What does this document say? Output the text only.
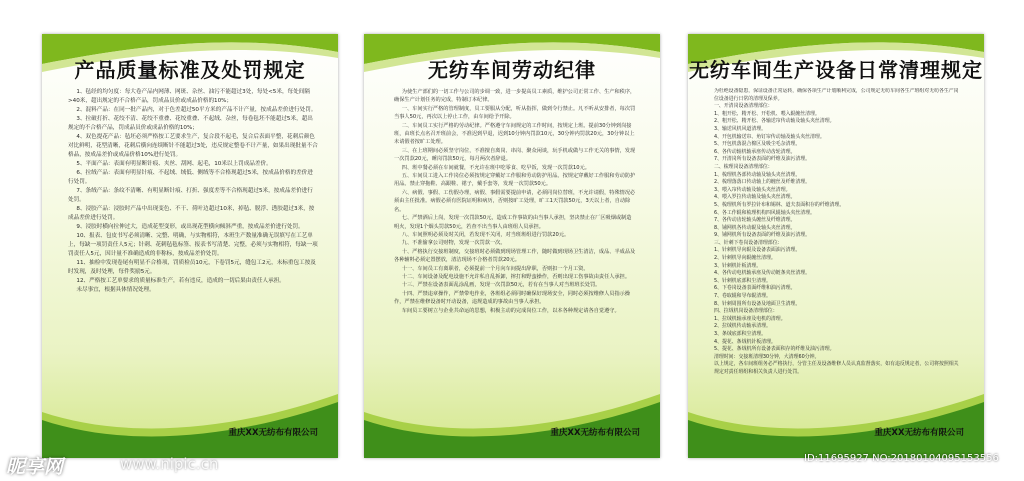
产品质量标准及处罚规定

1、毡经的均匀度：每大卷产品内网薄、网斑、杂丝、油污不能超过3处，每处<5米，每处间隔>40米，超出规定的不合格产品，罚成品员价或成品价格的10%；

2、混料产品：在同一批产品内，对于色差超过50平方米的产品不计产量，按成品差价进行处罚。

3、拉破打折、花绞不清、花绞不重叠、花绞重叠、不起绒、杂丝，每卷毡坯不能超过5米，超出规定的不合格产品，罚成品员价或成品价格的10%；

4、双色提花产品：毡坯必须严格按工艺要求生产，复合段不起毛，复合后表面平整，花刺后颜色对比鲜明，花型清晰，花刺后横向连续断针不能超过3处，违反规定整卷不计产量，如果出现批量不合格品，按成品差价或成品价格10%进行处罚。

5、平面产品：表面有明显断针痕、夹丝、刮网、起毛，10米以上罚成品差价。

6、拉绒产品：表面有明显针痕、不起绒、绒低、侧绒等不合格现超过5米，按成品价格的差价进行处罚。

7、条绒产品：条纹不清晰、有明显断针痕、打折、强度差等不合格现超过5米，按成品差价进行处罚。

8、浸胶产品：浸胶时产品中出现变色、不干、荷叶边超过10米，掉毡、脱浮、透胶超过3米，按成品差价进行处罚。

9、浸胶时横向拉伸过大，造成花型变形，或出现花型横向倾斜严重，按成品差价进行处罚。

10、报表、包皮书写必须清晰、完整、明确，与实物相符，本班生产数量准确无误填写在工艺单上，每缺一项罚责任人5元；针刺、花刺毡毡标签、报表书写清楚、完整，必须与实物相符，每缺一项罚责任人5元，因计量不准确造成的非称标，按成品差价处罚。

11、抽检中发现卷尾有明显不合格项，罚质检员10元，下卷罚5元，缝包工2元，未标重包工按及时发现，及时处理，每件奖励5元。

12、严格按工艺单要求的质量标准生产，若有违反，造成的一切后果由责任人承担。

未尽事宜，根据具体情况处理。

重庆XX无纺布有限公司
无纺车间劳动纪律

为使生产部们的一切工作与公司的步调一致，进一步提高员工素质，维护公司正常工作、生产和秩序，确保生产计划任务的完成，特制订本纪律。

一、车间实行严格的管理制度，员工要服从分配，听从指挥，做到令行禁止。凡不听从安排者，每次罚当事人50元，再次以上停止工作，由车间给予开除。

二、车间员工实行严格的劳动纪律。严格遵守车间规定的工作时间，按规定上班。提前30分钟到岗接班，由班长点名召开班前会，不准迟到早退，迟到10分钟内罚款10元，30分钟内罚款20元，30分钟以上未请假者按旷工处理。

三、在上班期间必须坚守岗位，不准擅自离岗、串岗、聚众闲谈，玩手机或做与工作无关的事情，发现一次罚款20元，睡岗罚款50元，每月两次者辞退。

四、班中餐必须在车间就餐，不允许在班中吃零食、吃早饭，发现一次罚款10元。

五、车间员工进入工作岗位必须按规定穿戴好工作服和劳动防护用品。按规定穿戴好工作服和劳动防护用品。禁止穿拖鞋、高跟鞋、裙子，戴手套等，发现一次罚款50元。

六、病假、事假、工伤假办理，病假、事假需要提前申请，必须同岗位替班，不允许请假，特殊情况必须由主任批准。病假必须有医院证明和病历，否则按旷工处理，旷工1天罚款50元，3天以上者，自动除名。

七、严禁酒后上岗，发现一次罚款50元，造成工作事故的由当事人承担，坚决禁止在厂区吸烟或制造明火，发现1个烟头罚款50元，若查不出当事人由班组人员承担。

八、车间照明必须及时关闭，若发现不关闭，对当班班组进行罚款20元。

九、不准偷拿公司财物，发现一次罚款一次。

十、严格执行交接班制度，交接班时必须做到现场管理工作，随时做到现场卫生清洁，成品、半成品及各种辅料必须定置摆放，清洁现场不合格者罚款20元。

十一、车间员工有离职者，必须提前一个月向车间提出辞职，否则扣一个月工资。

十二、车间设备及配电设施不允许私自乱拆卸，摔打和野蛮操作，否则出现工伤事故由责任人承担。

十三、严禁在设备表面乱涂乱画，发现一次罚款50元，若有在当事人对当班班长处罚。

十四、严禁违章操作，严禁带电作业，各班组必须同时确保好现场安全，同时必须按维修人员指示操作，严禁在维修设备时开动设备，违规造成的事故由当事人承担。

车间员工要树立与企业共命运的思想，积极主动的完成岗位工作，以本各种规定请各自觉遵守。

重庆XX无纺布有限公司
无纺车间生产设备日常清理规定

为杜绝设备隐患，保证设备正常运转，确保各项生产计划顺利完成，公司规定无纺车间各生产班组对无纺各生产岗位设备进行日常的清理及保养。

一、开清岗设备清理部位：

1、粗开松、精开松、开松机、喂入辊缠丝清理。

2、粗开松、精开松、各输送帘传动轴及轴头夹丝清理。

3、输送风机风道清理。

4、开包机输送帘、角钉帘传动轴及轴头夹丝清理。

5、开包机落混合棉区及吸尘毛杂清理。

6、各传动轴机轴承座传动齿轮清理。

7、开清岗所有设备表面的纤维及油污清理。

二、梳理岗设备清理部位：

1、梳理机各部传动轴及轴头夹丝清理。

2、梳理落落口传动轴上的缠丝及纤维清理。

3、喂入帘传动轴及轴头夹丝清理。

4、喂入罗拉传动轴及轴头夹丝清理。

5、梳理机所有罗拉针布和锡林、道夫表面积存的纤维清理。

6、各工作辊和梳理机构四风辊轴头夹丝清理。

7、各传动齿轮轴头缠丝及纤维清理。

8、铺网机各传动辊及轴头夹丝清理。

9、铺网机所有设备表面的纤维及油污清理。

三、针刺下卷岗设备清理部位：

1、针刺机导向辊及设备表面油污清理。

2、针刺机导向辊缠丝清理。

3、针刺机针板清理。

4、各传动电机轴承座及传动链条夹丝清理。

5、针刺机底部积尘清理。

6、下卷岗设备表面纤维和油污清理。

7、卷取辊和导布辊清理。

8、针刺周围所有设备及地面卫生清理。

四、拉绒机岗设备清理部位：

1、拉绒机轴承座及电机的清理。

2、拉绒机传动轴承清理。

3、条绒底部积尘清理。

4、提花、条绒机针板清理。

5、提花、条绒机所有设备表面积存的纤维及油污清理。

清理时间：交接班清理30分钟，大清理60分钟。

以上规定，各车间班组务必严格执行，分管主任及设备维修人员认真监督落实，如有违反规定者，公司将按照相关规定对责任班组和相关负责人进行处罚。

重庆XX无纺布有限公司
昵享网	www.nipic.cn	ID:11695927 NO:20180104095153556
